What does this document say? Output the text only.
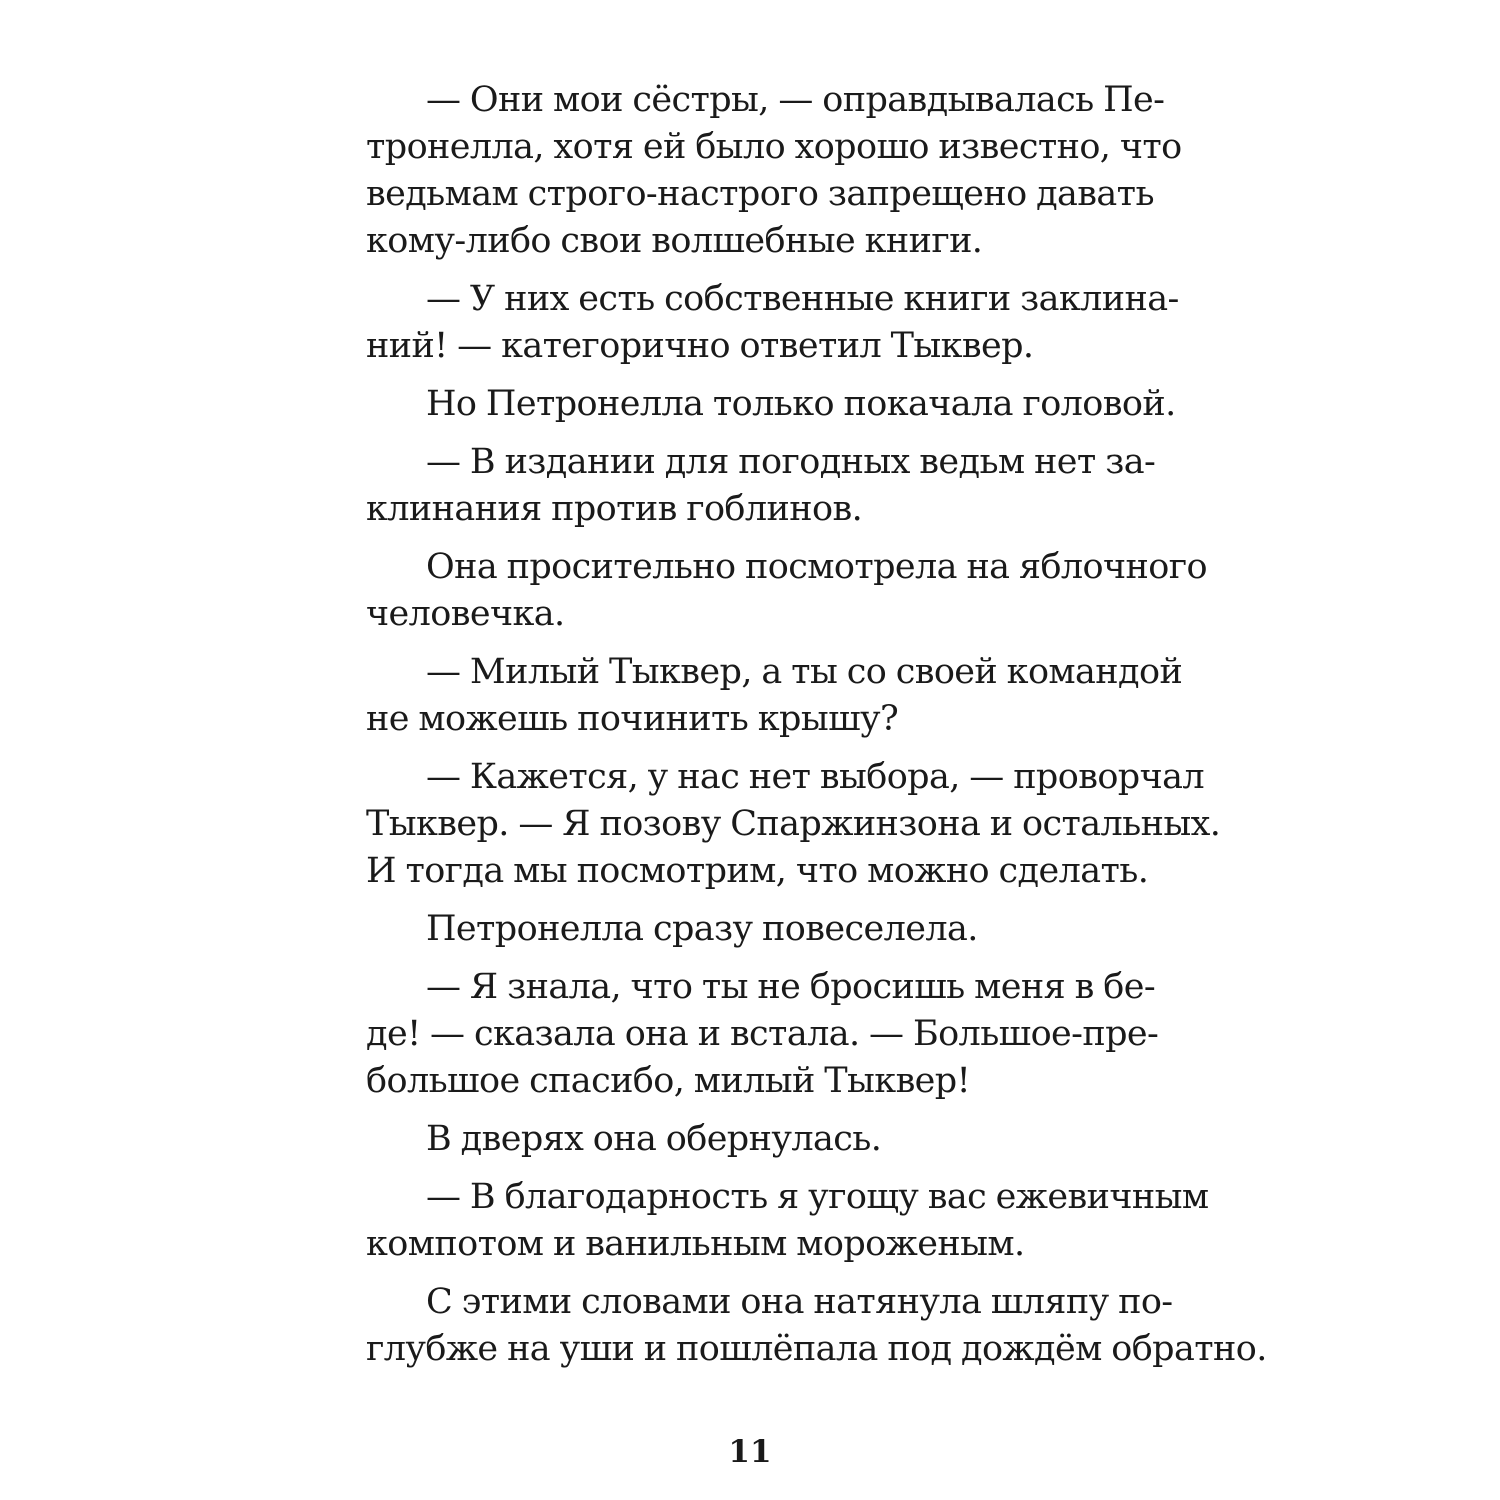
— Они мои сёстры, — оправдывалась Пе-
тронелла, хотя ей было хорошо известно, что
ведьмам строго-настрого запрещено давать
кому-либо свои волшебные книги.

— У них есть собственные книги заклина-
ний! — категорично ответил Тыквер.

Но Петронелла только покачала головой.

— В издании для погодных ведьм нет за-
клинания против гоблинов.

Она просительно посмотрела на яблочного
человечка.

— Милый Тыквер, а ты со своей командой
не можешь починить крышу?

— Кажется, у нас нет выбора, — проворчал
Тыквер. — Я позову Спаржинзона и остальных.
И тогда мы посмотрим, что можно сделать.

Петронелла сразу повеселела.

— Я знала, что ты не бросишь меня в бе-
де! — сказала она и встала. — Большое-пре-
большое спасибо, милый Тыквер!

В дверях она обернулась.

— В благодарность я угощу вас ежевичным
компотом и ванильным мороженым.

С этими словами она натянула шляпу по-
глубже на уши и пошлёпала под дождём обратно.

11
